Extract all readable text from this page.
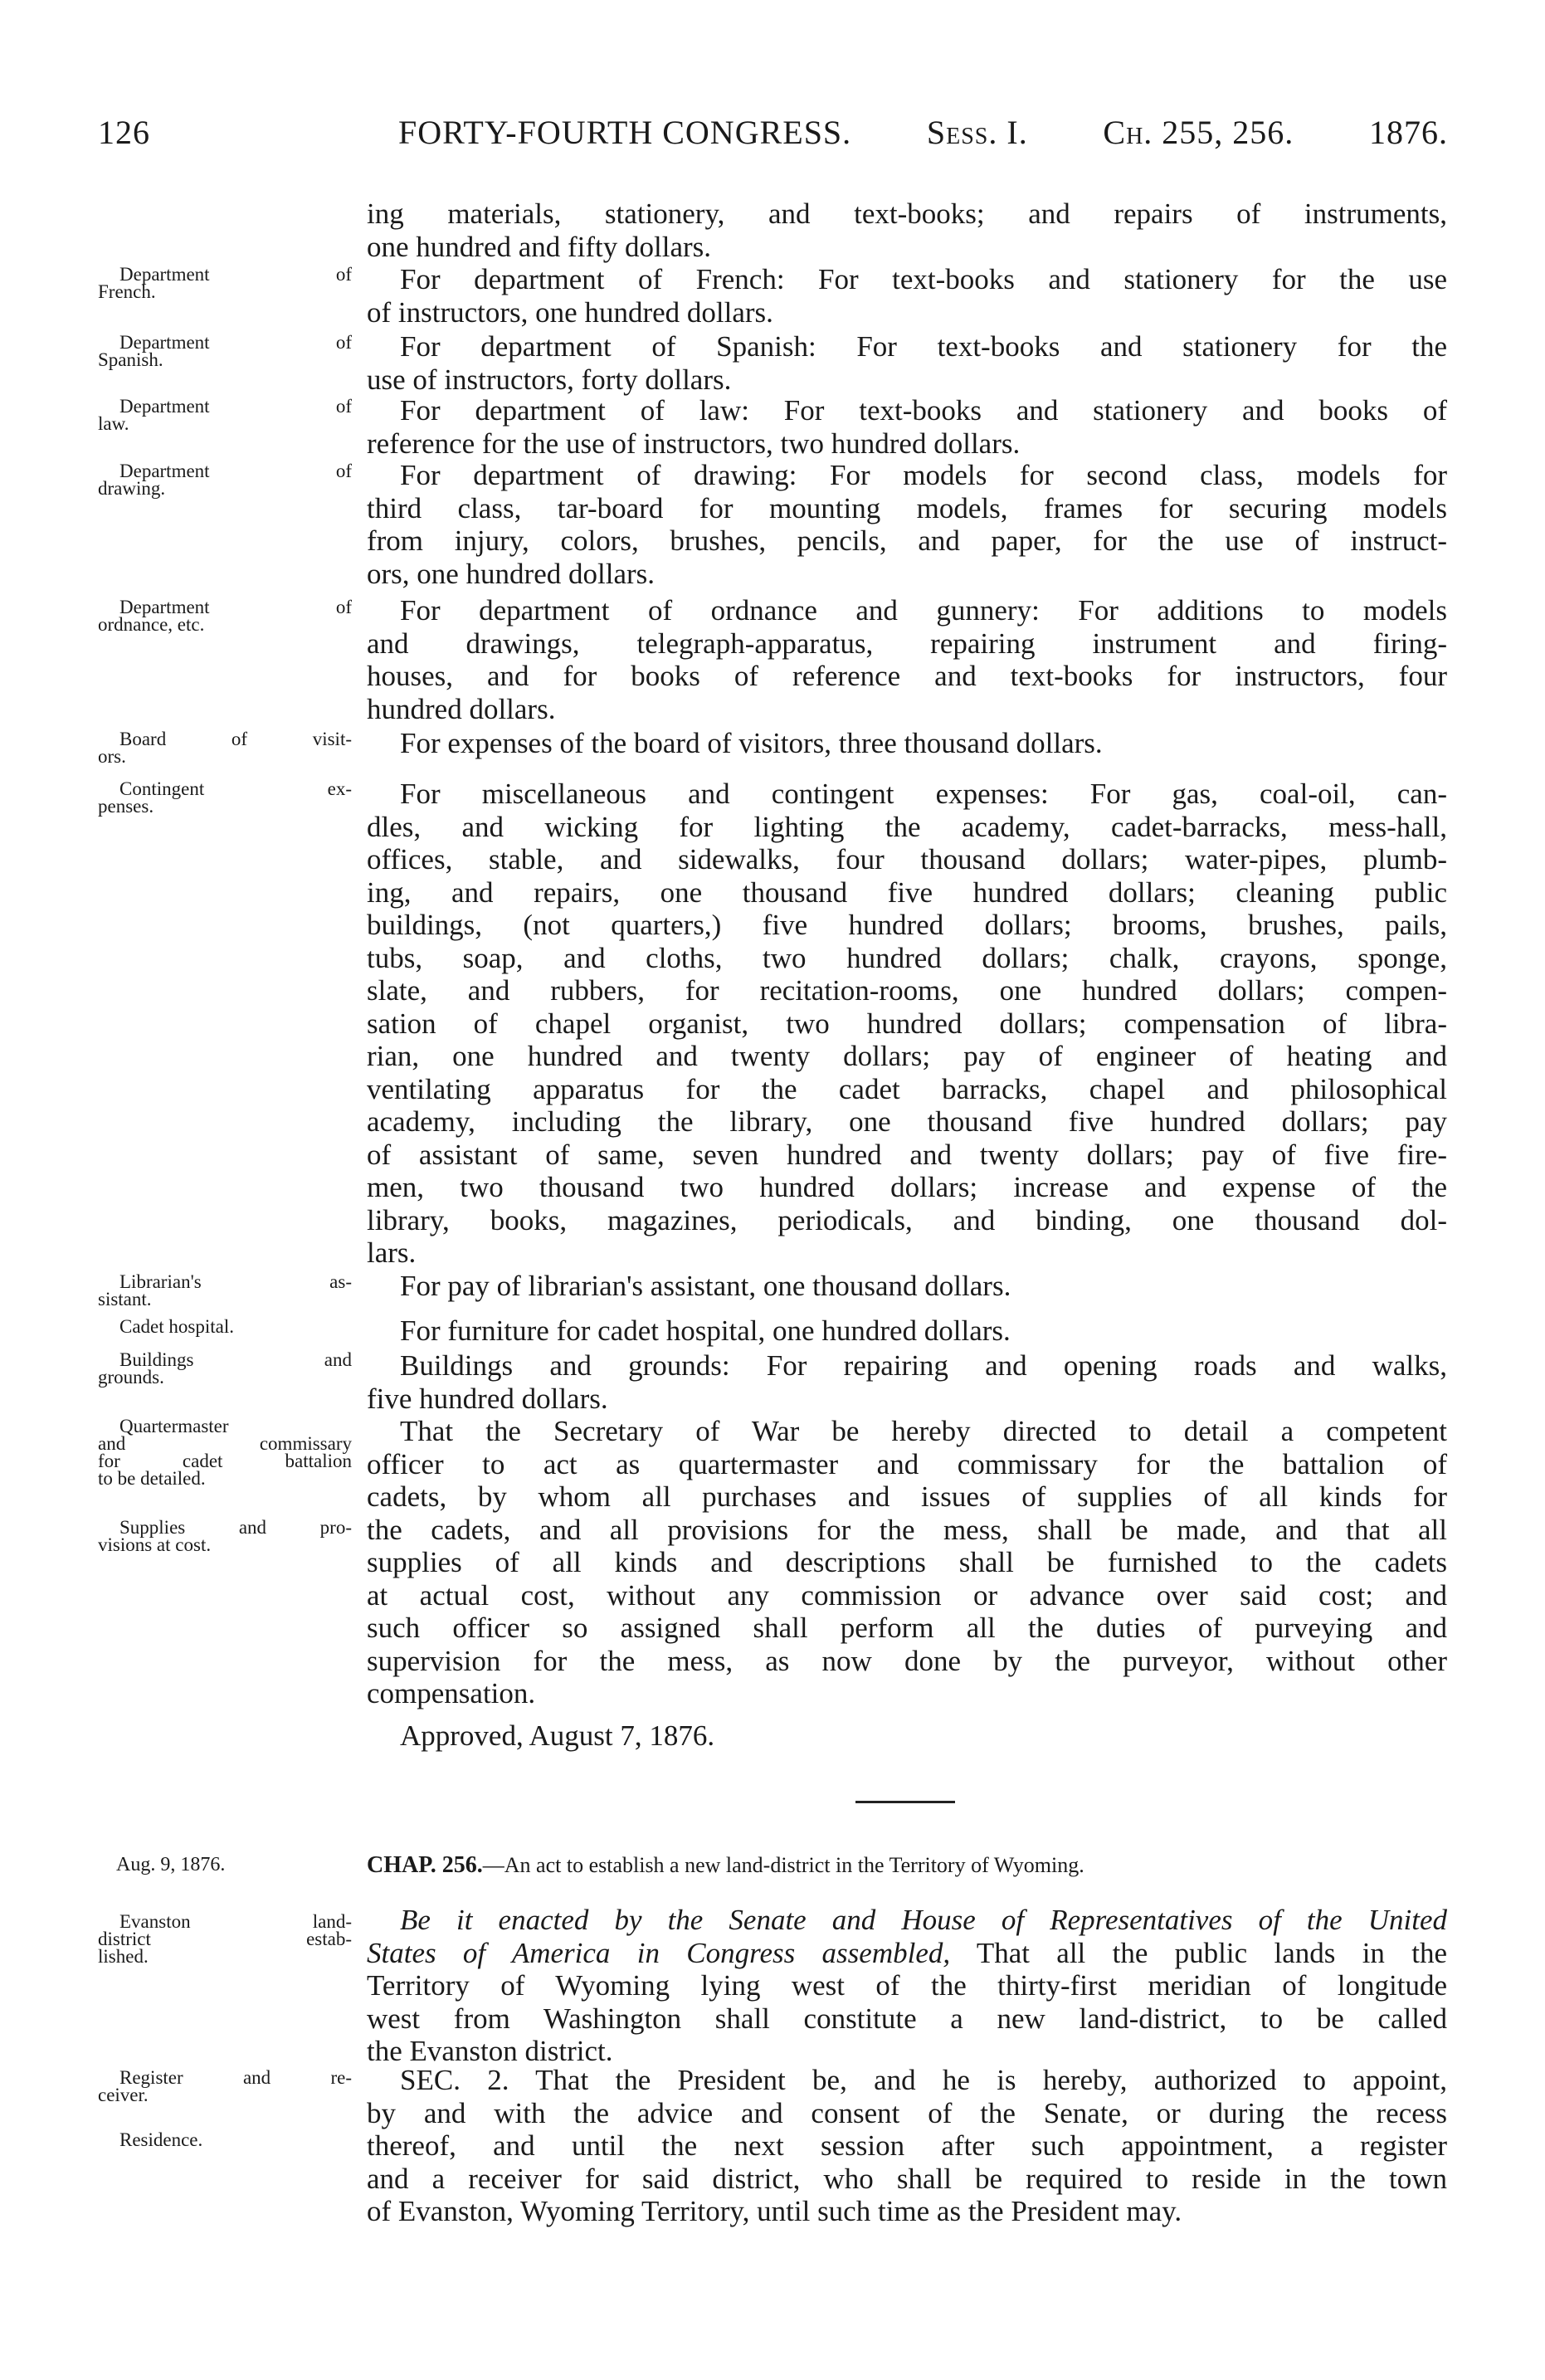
126	FORTY-FOURTH CONGRESS. Sess. I. Ch. 255, 256. 1876.
ing materials, stationery, and text-books; and repairs of instruments,
one hundred and fifty dollars.
For department of French: For text-books and stationery for the use
of instructors, one hundred dollars.
For department of Spanish: For text-books and stationery for the
use of instructors, forty dollars.
For department of law: For text-books and stationery and books of
reference for the use of instructors, two hundred dollars.
For department of drawing: For models for second class, models for
third class, tar-board for mounting models, frames for securing models
from injury, colors, brushes, pencils, and paper, for the use of instruct-
ors, one hundred dollars.
For department of ordnance and gunnery: For additions to models
and drawings, telegraph-apparatus, repairing instrument and firing-
houses, and for books of reference and text-books for instructors, four
hundred dollars.
For expenses of the board of visitors, three thousand dollars.
For miscellaneous and contingent expenses: For gas, coal-oil, can-
dles, and wicking for lighting the academy, cadet-barracks, mess-hall,
offices, stable, and sidewalks, four thousand dollars; water-pipes, plumb-
ing, and repairs, one thousand five hundred dollars; cleaning public
buildings, (not quarters,) five hundred dollars; brooms, brushes, pails,
tubs, soap, and cloths, two hundred dollars; chalk, crayons, sponge,
slate, and rubbers, for recitation-rooms, one hundred dollars; compen-
sation of chapel organist, two hundred dollars; compensation of libra-
rian, one hundred and twenty dollars; pay of engineer of heating and
ventilating apparatus for the cadet barracks, chapel and philosophical
academy, including the library, one thousand five hundred dollars; pay
of assistant of same, seven hundred and twenty dollars; pay of five fire-
men, two thousand two hundred dollars; increase and expense of the
library, books, magazines, periodicals, and binding, one thousand dol-
lars.
For pay of librarian's assistant, one thousand dollars.
For furniture for cadet hospital, one hundred dollars.
Buildings and grounds: For repairing and opening roads and walks,
five hundred dollars.
That the Secretary of War be hereby directed to detail a competent
officer to act as quartermaster and commissary for the battalion of
cadets, by whom all purchases and issues of supplies of all kinds for
the cadets, and all provisions for the mess, shall be made, and that all
supplies of all kinds and descriptions shall be furnished to the cadets
at actual cost, without any commission or advance over said cost; and
such officer so assigned shall perform all the duties of purveying and
supervision for the mess, as now done by the purveyor, without other
compensation.
Approved, August 7, 1876.
Aug. 9, 1876.	CHAP. 256.—An act to establish a new land-district in the Territory of Wyoming.
Be it enacted by the Senate and House of Representatives of the United
States of America in Congress assembled, That all the public lands in the
Territory of Wyoming lying west of the thirty-first meridian of longitude
west from Washington shall constitute a new land-district, to be called
the Evanston district.
SEC. 2. That the President be, and he is hereby, authorized to appoint,
by and with the advice and consent of the Senate, or during the recess
thereof, and until the next session after such appointment, a register
and a receiver for said district, who shall be required to reside in the town
of Evanston, Wyoming Territory, until such time as the President may.
Department of
French.
Department of
Spanish.
Department of
law.
Department of
drawing.
Department of
ordnance, etc.
Board of visit-
ors.
Contingent ex-
penses.
Librarian's as-
sistant.
Cadet hospital.
Buildings and
grounds.
Quartermaster
and commissary
for cadet battalion
to be detailed.
Supplies and pro-
visions at cost.
Evanston land-
district estab-
lished.
Register and re-
ceiver.
Residence.
